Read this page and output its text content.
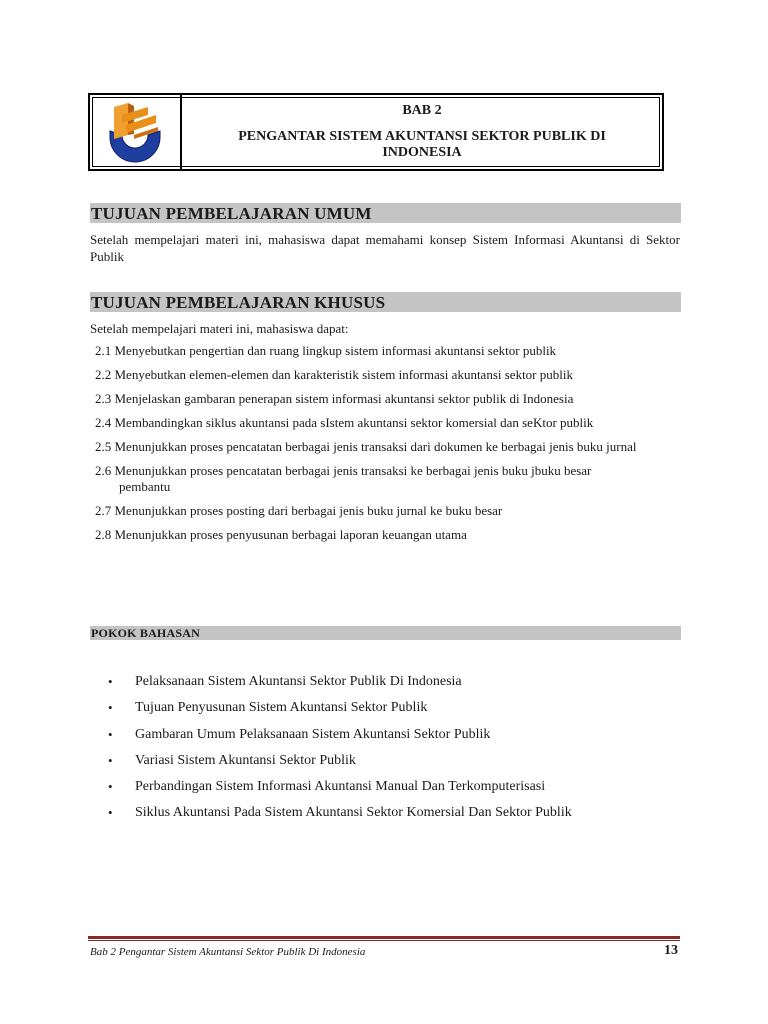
BAB 2
PENGANTAR SISTEM AKUNTANSI SEKTOR PUBLIK DI
INDONESIA
TUJUAN PEMBELAJARAN UMUM
Setelah mempelajari materi ini, mahasiswa dapat memahami konsep Sistem Informasi Akuntansi di Sektor Publik
TUJUAN PEMBELAJARAN KHUSUS
Setelah mempelajari materi ini, mahasiswa dapat:
2.1 Menyebutkan pengertian dan ruang lingkup sistem informasi akuntansi sektor publik
2.2 Menyebutkan elemen-elemen dan karakteristik sistem informasi akuntansi sektor publik
2.3 Menjelaskan gambaran penerapan sistem informasi akuntansi sektor publik di Indonesia
2.4 Membandingkan siklus akuntansi pada sIstem akuntansi sektor komersial dan seKtor publik
2.5 Menunjukkan proses pencatatan berbagai jenis transaksi dari dokumen ke berbagai jenis buku jurnal
2.6 Menunjukkan proses pencatatan berbagai jenis transaksi ke berbagai jenis buku jbuku besar
pembantu
2.7 Menunjukkan proses posting dari berbagai jenis buku jurnal ke buku besar
2.8 Menunjukkan proses penyusunan berbagai laporan keuangan utama
POKOK BAHASAN
•	Pelaksanaan Sistem Akuntansi Sektor Publik Di Indonesia
•	Tujuan Penyusunan Sistem Akuntansi Sektor Publik
•	Gambaran Umum Pelaksanaan Sistem Akuntansi Sektor Publik
•	Variasi Sistem Akuntansi Sektor Publik
•	Perbandingan Sistem Informasi Akuntansi Manual Dan Terkomputerisasi
•	Siklus Akuntansi Pada Sistem Akuntansi Sektor Komersial Dan Sektor Publik
Bab 2 Pengantar Sistem Akuntansi Sektor Publik Di Indonesia	13
